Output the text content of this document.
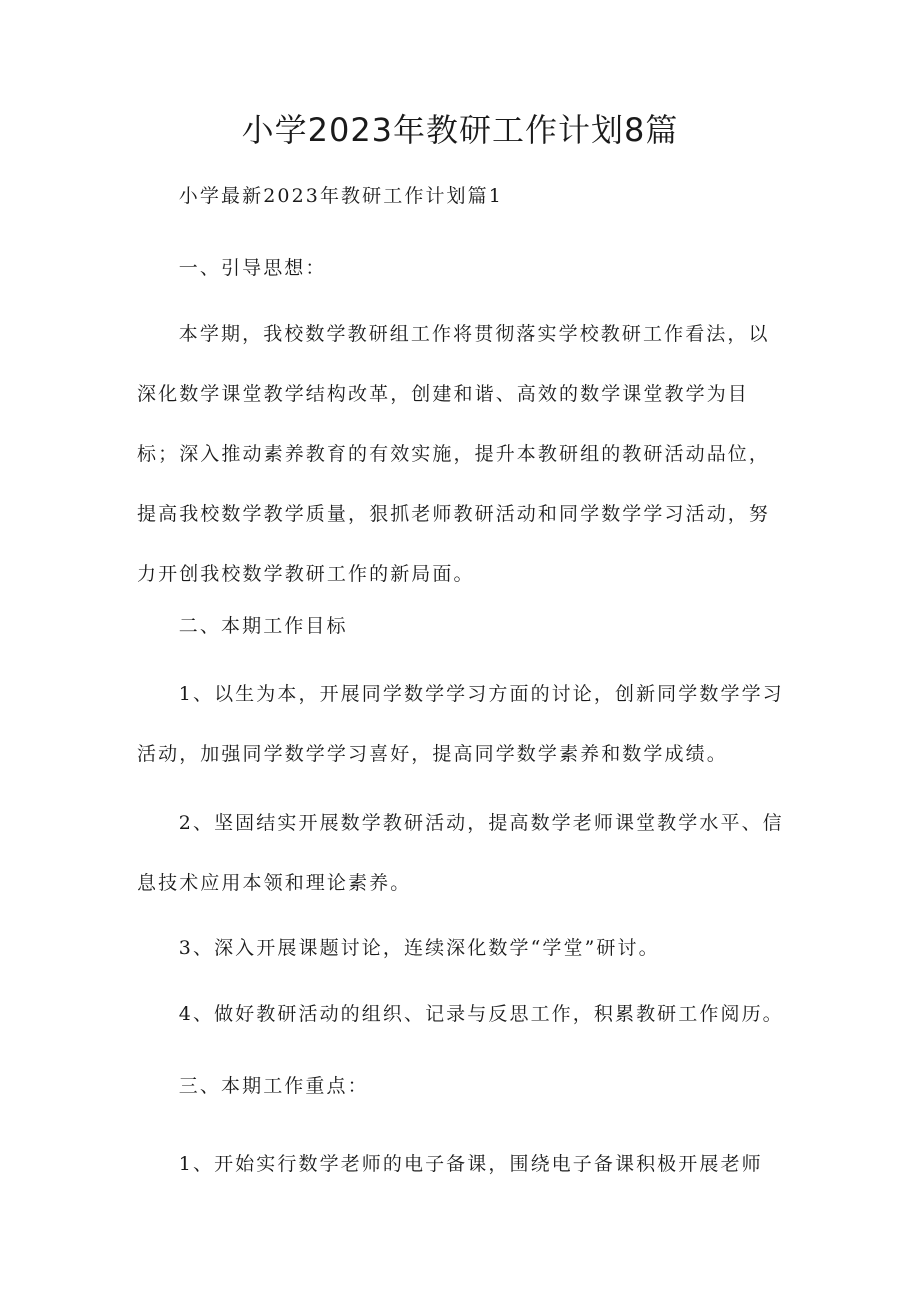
小学2023年教研工作计划8篇

小学最新2023年教研工作计划篇1

一、引导思想：

本学期，我校数学教研组工作将贯彻落实学校教研工作看法，以深化数学课堂教学结构改革，创建和谐、高效的数学课堂教学为目标；深入推动素养教育的有效实施，提升本教研组的教研活动品位，提高我校数学教学质量，狠抓老师教研活动和同学数学学习活动，努力开创我校数学教研工作的新局面。

二、本期工作目标

1、以生为本，开展同学数学学习方面的讨论，创新同学数学学习活动，加强同学数学学习喜好，提高同学数学素养和数学成绩。

2、坚固结实开展数学教研活动，提高数学老师课堂教学水平、信息技术应用本领和理论素养。

3、深入开展课题讨论，连续深化数学“学堂”研讨。

4、做好教研活动的组织、记录与反思工作，积累教研工作阅历。

三、本期工作重点：

1、开始实行数学老师的电子备课，围绕电子备课积极开展老师
